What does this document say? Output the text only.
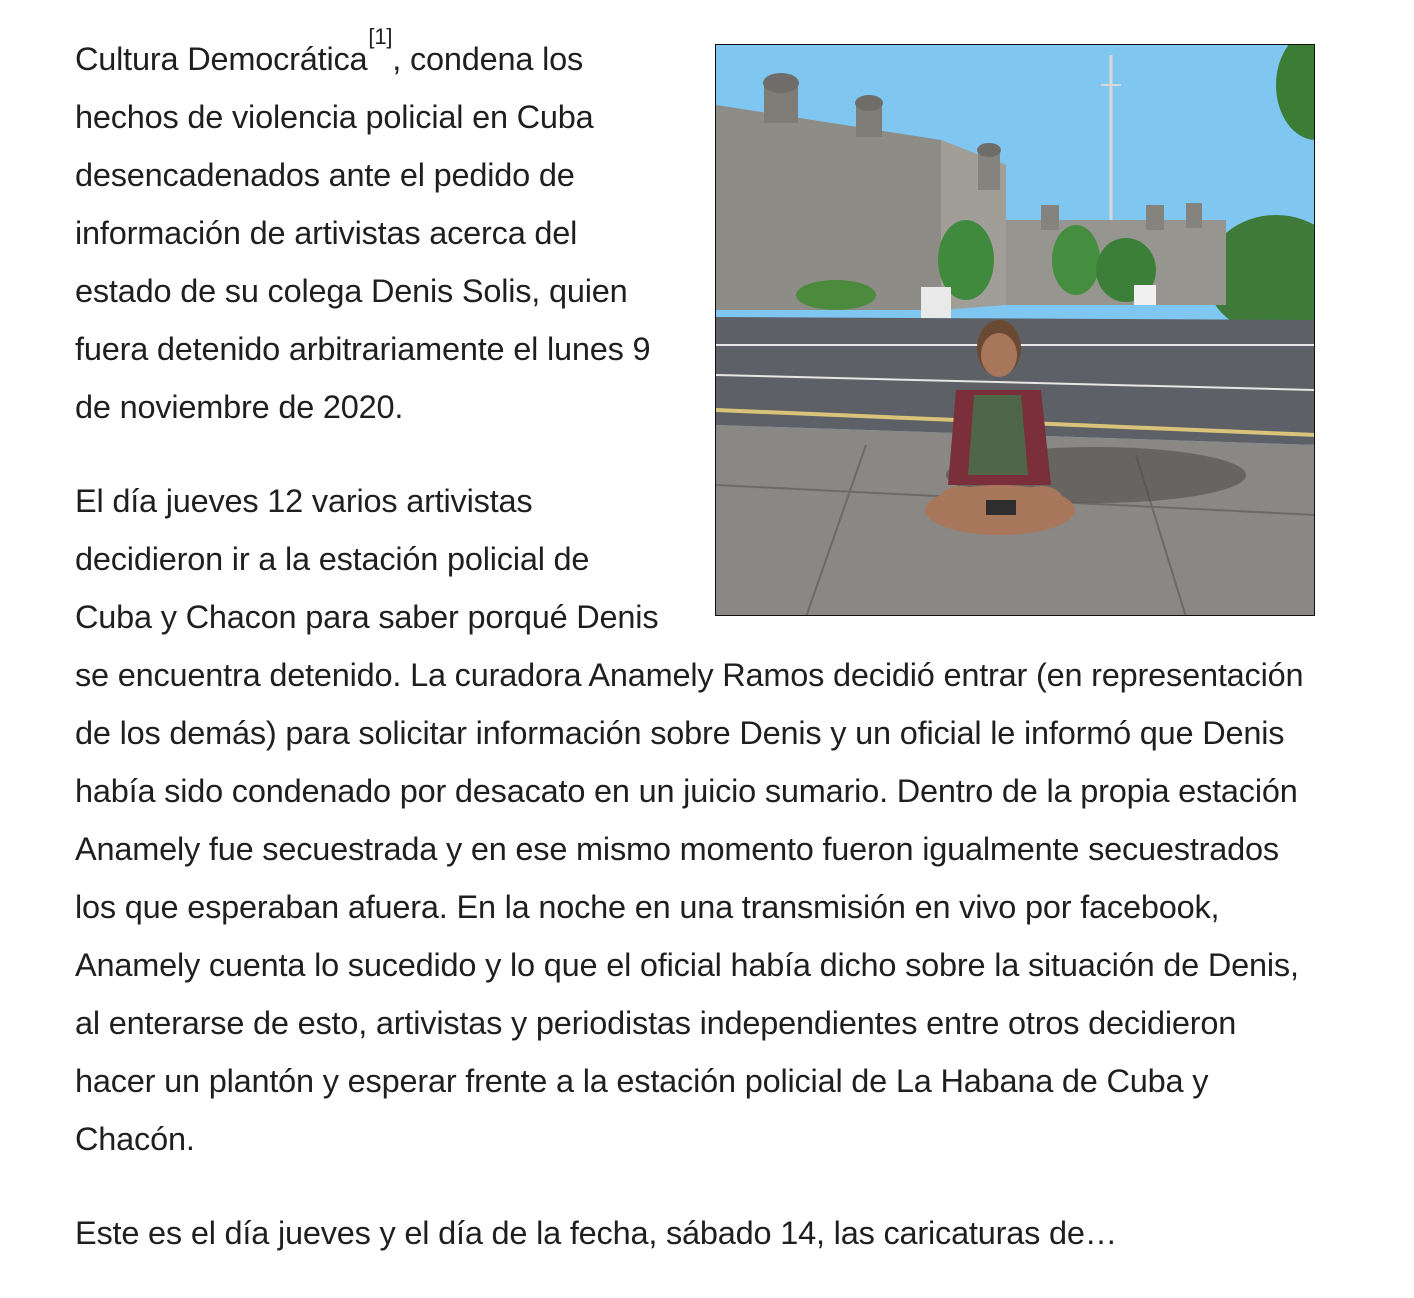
Cultura Democrática[1], condena los hechos de violencia policial en Cuba desencadenados ante el pedido de información de artivistas acerca del estado de su colega Denis Solis, quien fuera detenido arbitrariamente el lunes 9 de noviembre de 2020.

El día jueves 12 varios artivistas decidieron ir a la estación policial de Cuba y Chacon para saber porqué Denis se encuentra detenido. La curadora Anamely Ramos decidió entrar (en representación de los demás) para solicitar información sobre Denis y un oficial le informó que Denis había sido condenado por desacato en un juicio sumario. Dentro de la propia estación Anamely fue secuestrada y en ese mismo momento fueron igualmente secuestrados los que esperaban afuera. En la noche en una transmisión en vivo por facebook, Anamely cuenta lo sucedido y lo que el oficial había dicho sobre la situación de Denis, al enterarse de esto, artivistas y periodistas independientes entre otros decidieron hacer un plantón y esperar frente a la estación policial de La Habana de Cuba y Chacón.

Este es el día jueves y el día de la fecha, sábado 14, las caricaturas de…
